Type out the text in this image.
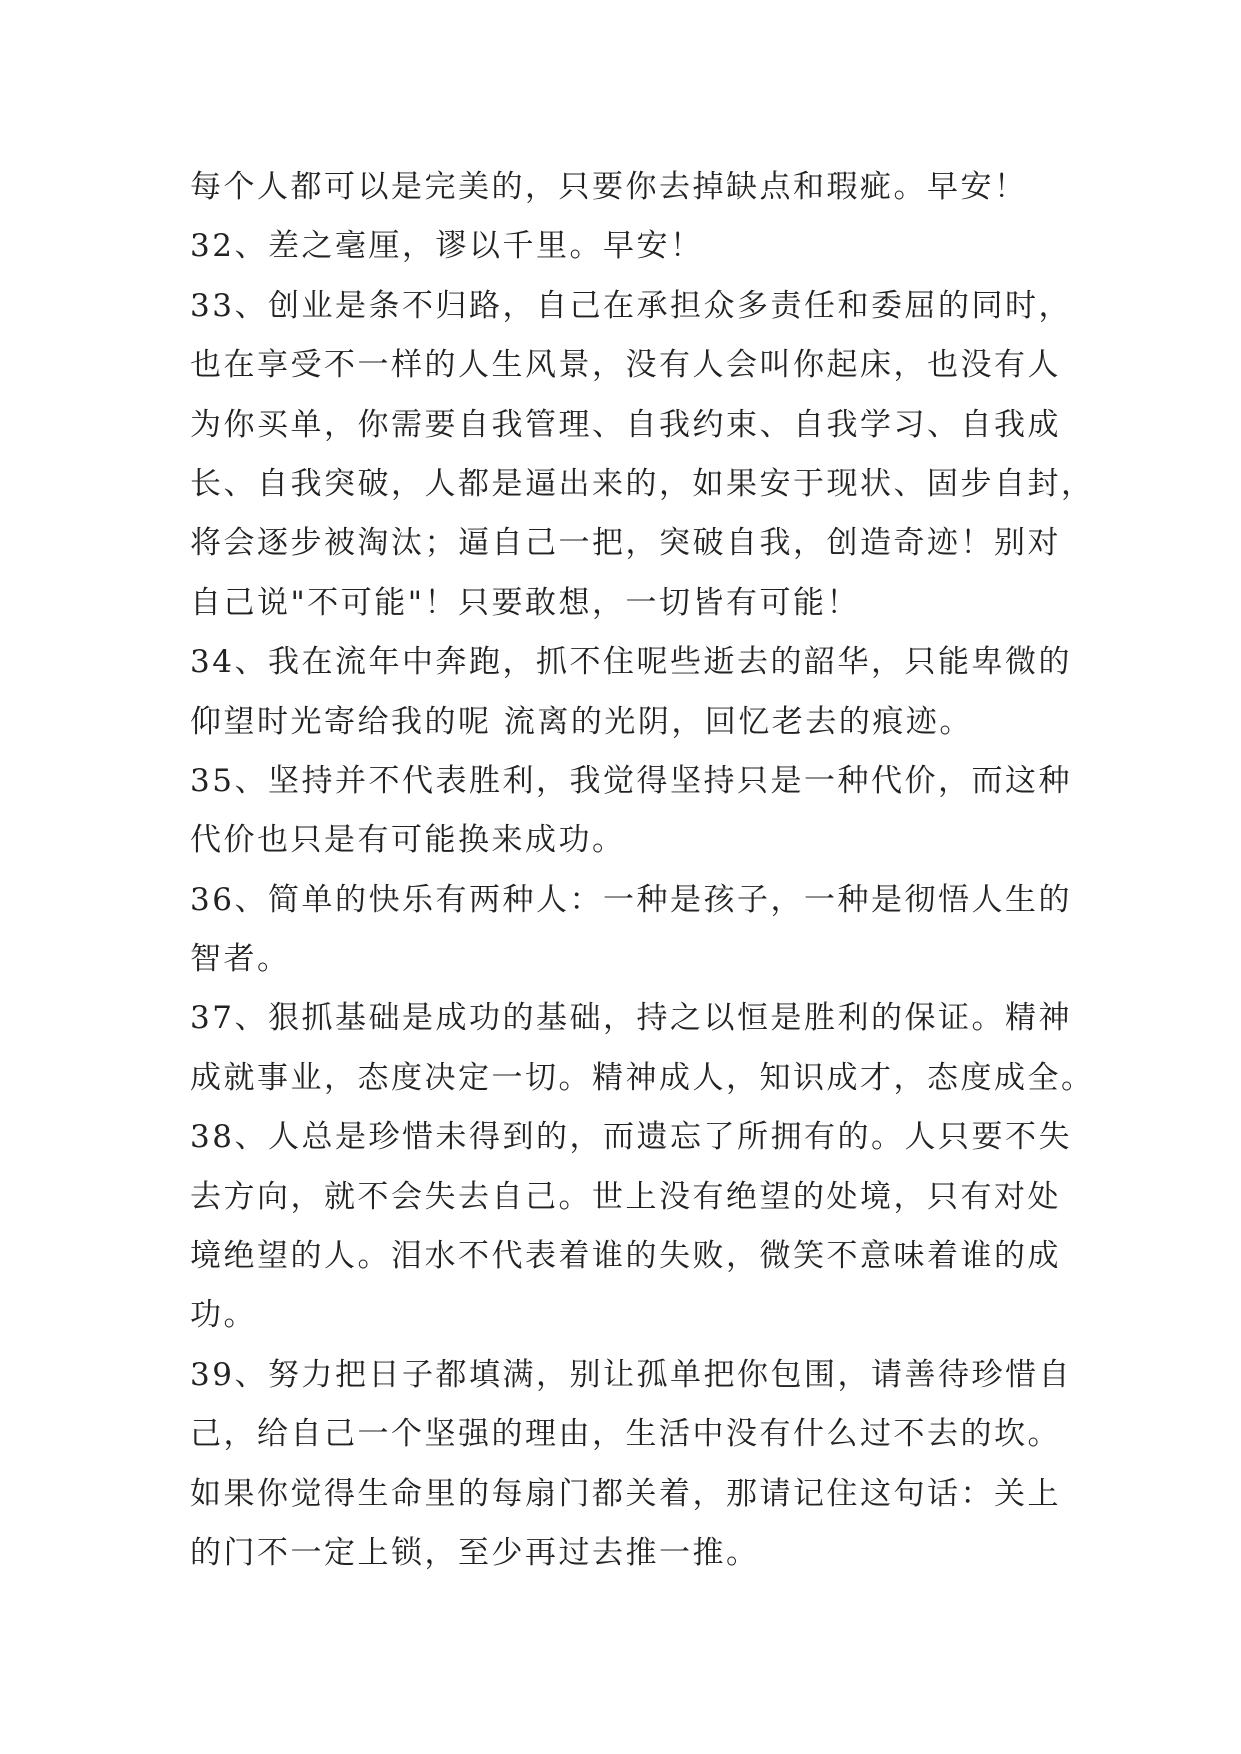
每个人都可以是完美的，只要你去掉缺点和瑕疵。早安！
32、差之毫厘，谬以千里。早安！
33、创业是条不归路，自己在承担众多责任和委屈的同时，
也在享受不一样的人生风景，没有人会叫你起床，也没有人
为你买单，你需要自我管理、自我约束、自我学习、自我成
长、自我突破，人都是逼出来的，如果安于现状、固步自封，
将会逐步被淘汰；逼自己一把，突破自我，创造奇迹！别对
自己说"不可能"！只要敢想，一切皆有可能！
34、我在流年中奔跑，抓不住呢些逝去的韶华，只能卑微的
仰望时光寄给我的呢 流离的光阴，回忆老去的痕迹。
35、坚持并不代表胜利，我觉得坚持只是一种代价，而这种
代价也只是有可能换来成功。
36、简单的快乐有两种人：一种是孩子，一种是彻悟人生的
智者。
37、狠抓基础是成功的基础，持之以恒是胜利的保证。精神
成就事业，态度决定一切。精神成人，知识成才，态度成全。
38、人总是珍惜未得到的，而遗忘了所拥有的。人只要不失
去方向，就不会失去自己。世上没有绝望的处境，只有对处
境绝望的人。泪水不代表着谁的失败，微笑不意味着谁的成
功。
39、努力把日子都填满，别让孤单把你包围，请善待珍惜自
己，给自己一个坚强的理由，生活中没有什么过不去的坎。
如果你觉得生命里的每扇门都关着，那请记住这句话：关上
的门不一定上锁，至少再过去推一推。
